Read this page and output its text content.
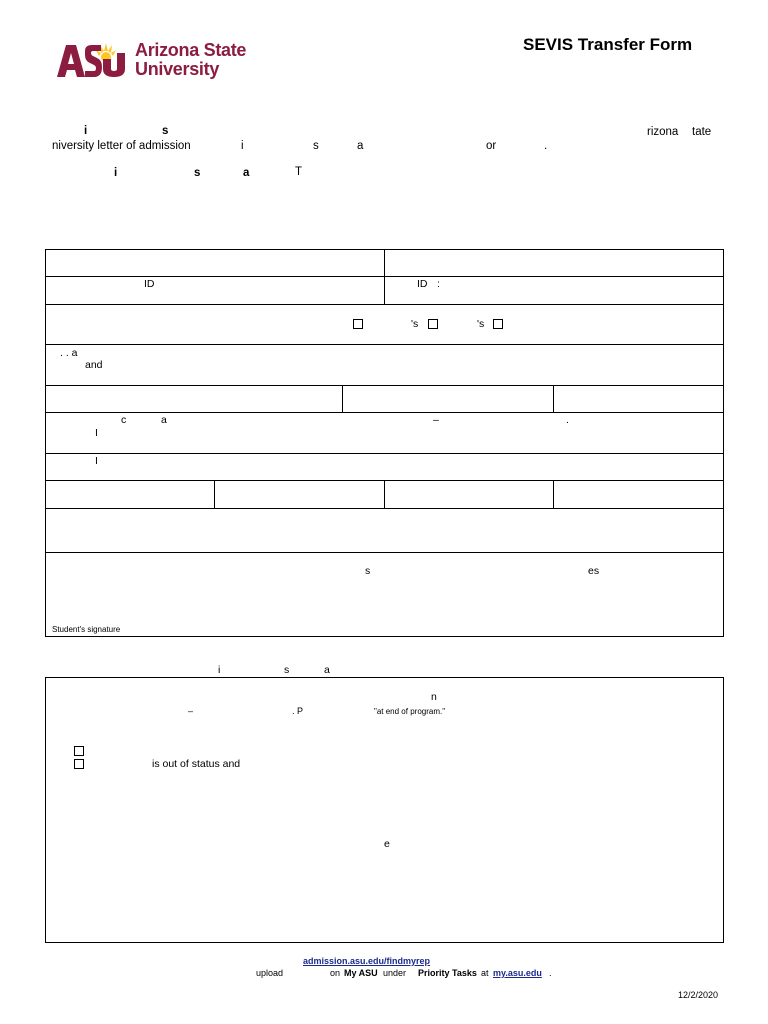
Arizona State
University
SEVIS Transfer Form
i	s	rizona tate
niversity letter of admission	i	s	a	or	.
i	s	a	T
ID	ID :
's	's
. . a
and
c	a	–	.
I
I
s	es
Student's signature
i	s	a
n
–	. P	"at end of program."
is out of status and
e
admission.asu.edu/findmyrep
upload	on My ASU under Priority Tasks at my.asu.edu .
12/2/2020
